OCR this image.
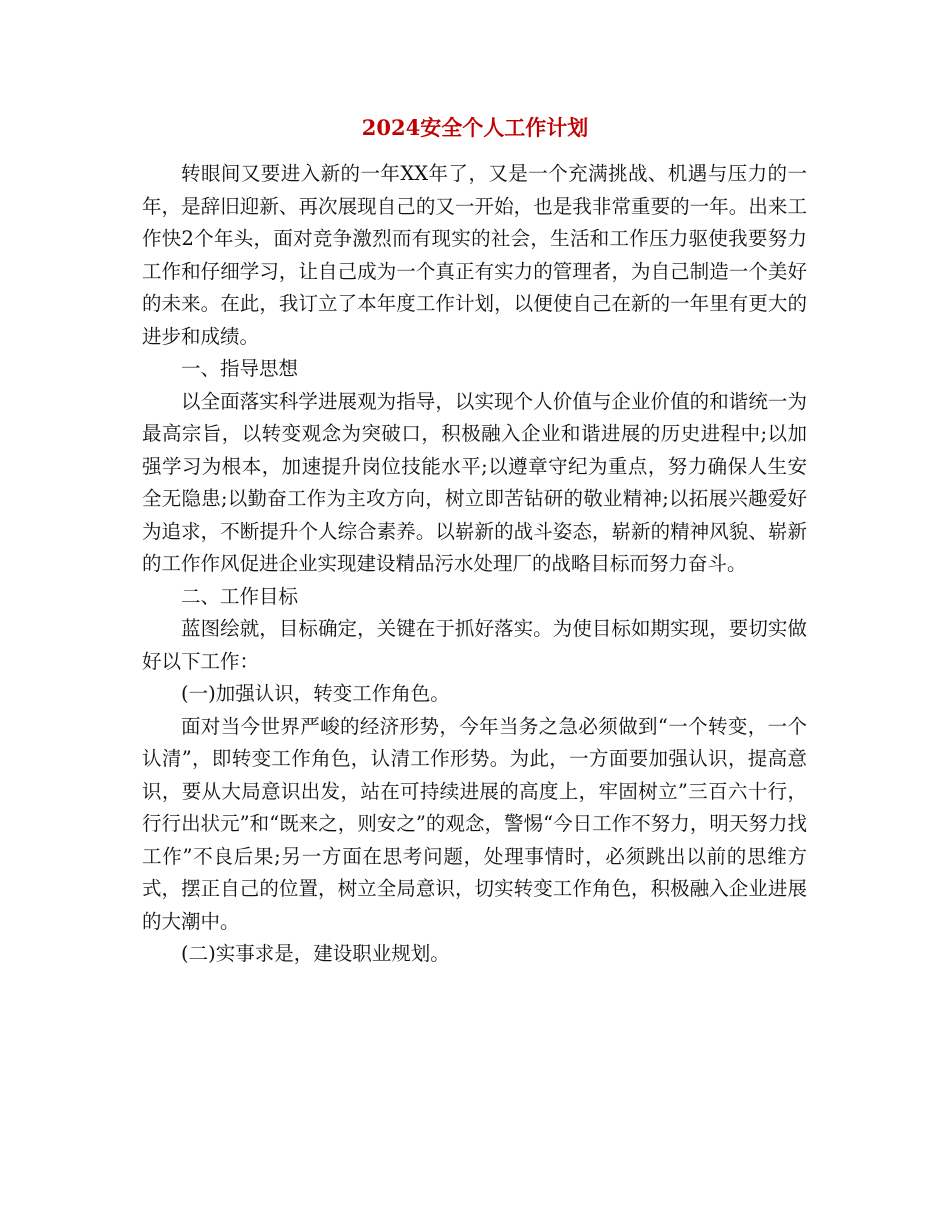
2024安全个人工作计划

转眼间又要进入新的一年XX年了，又是一个充满挑战、机遇与压力的一年，是辞旧迎新、再次展现自己的又一开始，也是我非常重要的一年。出来工作快2个年头，面对竞争激烈而有现实的社会，生活和工作压力驱使我要努力工作和仔细学习，让自己成为一个真正有实力的管理者，为自己制造一个美好的未来。在此，我订立了本年度工作计划，以便使自己在新的一年里有更大的进步和成绩。

一、指导思想

以全面落实科学进展观为指导，以实现个人价值与企业价值的和谐统一为最高宗旨，以转变观念为突破口，积极融入企业和谐进展的历史进程中;以加强学习为根本，加速提升岗位技能水平;以遵章守纪为重点，努力确保人生安全无隐患;以勤奋工作为主攻方向，树立即苦钻研的敬业精神;以拓展兴趣爱好为追求，不断提升个人综合素养。以崭新的战斗姿态，崭新的精神风貌、崭新的工作作风促进企业实现建设精品污水处理厂的战略目标而努力奋斗。

二、工作目标

蓝图绘就，目标确定，关键在于抓好落实。为使目标如期实现，要切实做好以下工作：

(一)加强认识，转变工作角色。

面对当今世界严峻的经济形势，今年当务之急必须做到“一个转变，一个认清”，即转变工作角色，认清工作形势。为此，一方面要加强认识，提高意识，要从大局意识出发，站在可持续进展的高度上，牢固树立”三百六十行，行行出状元”和“既来之，则安之”的观念，警惕“今日工作不努力，明天努力找工作”不良后果;另一方面在思考问题，处理事情时，必须跳出以前的思维方式，摆正自己的位置，树立全局意识，切实转变工作角色，积极融入企业进展的大潮中。

(二)实事求是，建设职业规划。
